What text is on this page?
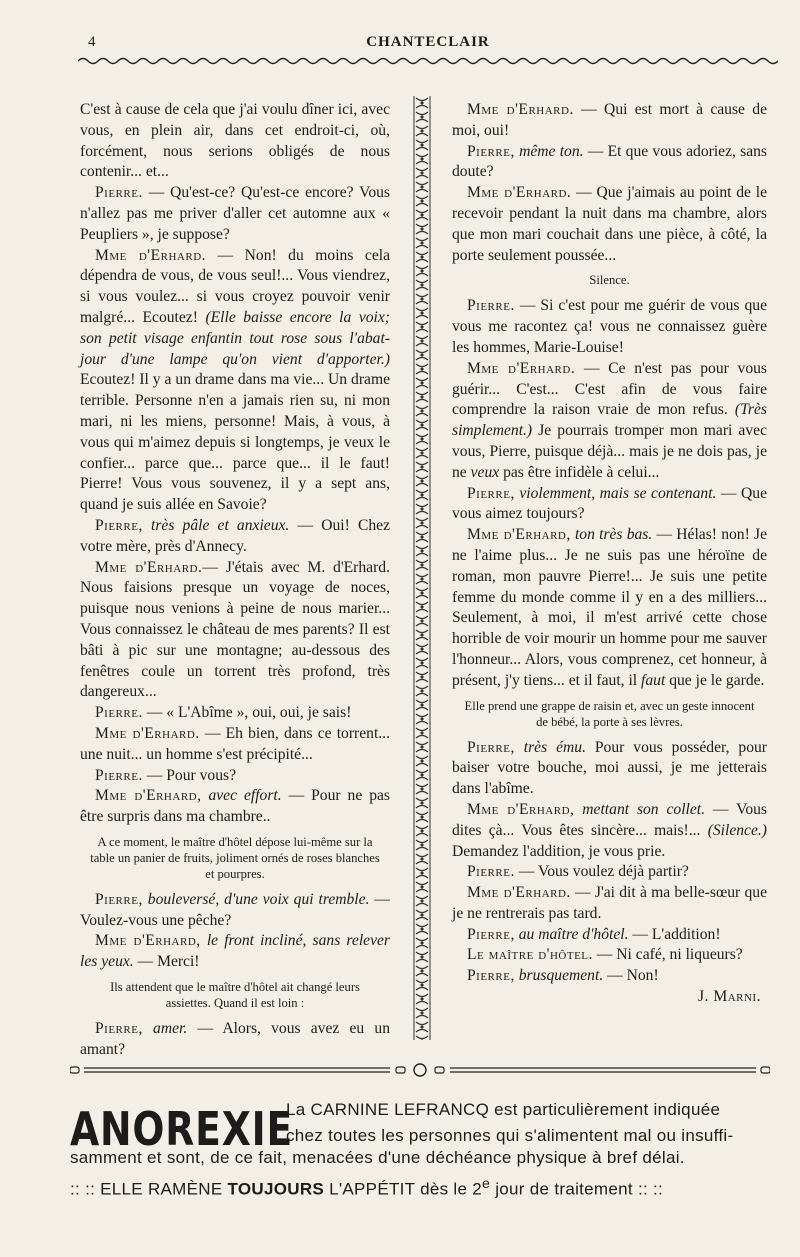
4	CHANTECLAIR

C'est à cause de cela que j'ai voulu dîner ici, avec vous, en plein air, dans cet endroit-ci, où, forcément, nous serions obligés de nous contenir... et...

Pierre. — Qu'est-ce? Qu'est-ce encore? Vous n'allez pas me priver d'aller cet automne aux « Peupliers », je suppose?

Mme d'Erhard. — Non! du moins cela dépendra de vous, de vous seul!... Vous viendrez, si vous voulez... si vous croyez pouvoir venir malgré... Ecoutez! (Elle baisse encore la voix; son petit visage enfantin tout rose sous l'abat-jour d'une lampe qu'on vient d'apporter.) Ecoutez! Il y a un drame dans ma vie... Un drame terrible. Personne n'en a jamais rien su, ni mon mari, ni les miens, personne! Mais, à vous, à vous qui m'aimez depuis si longtemps, je veux le confier... parce que... parce que... il le faut! Pierre! Vous vous souvenez, il y a sept ans, quand je suis allée en Savoie?

Pierre, très pâle et anxieux. — Oui! Chez votre mère, près d'Annecy.

Mme d'Erhard.— J'étais avec M. d'Erhard. Nous faisions presque un voyage de noces, puisque nous venions à peine de nous marier... Vous connaissez le château de mes parents? Il est bâti à pic sur une montagne; au-dessous des fenêtres coule un torrent très profond, très dangereux...

Pierre. — « L'Abîme », oui, oui, je sais!

Mme d'Erhard. — Eh bien, dans ce torrent... une nuit... un homme s'est précipité...

Pierre. — Pour vous?

Mme d'Erhard, avec effort. — Pour ne pas être surpris dans ma chambre..

A ce moment, le maître d'hôtel dépose lui-même sur la table un panier de fruits, joliment ornés de roses blanches et pourpres.

Pierre, bouleversé, d'une voix qui tremble. — Voulez-vous une pêche?

Mme d'Erhard, le front incliné, sans relever les yeux. — Merci!

Ils attendent que le maître d'hôtel ait changé leurs assiettes. Quand il est loin :

Pierre, amer. — Alors, vous avez eu un amant?

Mme d'Erhard. — Qui est mort à cause de moi, oui!

Pierre, même ton. — Et que vous adoriez, sans doute?

Mme d'Erhard. — Que j'aimais au point de le recevoir pendant la nuit dans ma chambre, alors que mon mari couchait dans une pièce, à côté, la porte seulement poussée...

Silence.

Pierre. — Si c'est pour me guérir de vous que vous me racontez ça! vous ne connaissez guère les hommes, Marie-Louise!

Mme d'Erhard. — Ce n'est pas pour vous guérir... C'est... C'est afin de vous faire comprendre la raison vraie de mon refus. (Très simplement.) Je pourrais tromper mon mari avec vous, Pierre, puisque déjà... mais je ne dois pas, je ne veux pas être infidèle à celui...

Pierre, violemment, mais se contenant. — Que vous aimez toujours?

Mme d'Erhard, ton très bas. — Hélas! non! Je ne l'aime plus... Je ne suis pas une héroïne de roman, mon pauvre Pierre!... Je suis une petite femme du monde comme il y en a des milliers... Seulement, à moi, il m'est arrivé cette chose horrible de voir mourir un homme pour me sauver l'honneur... Alors, vous comprenez, cet honneur, à présent, j'y tiens... et il faut, il faut que je le garde.

Elle prend une grappe de raisin et, avec un geste innocent de bébé, la porte à ses lèvres.

Pierre, très ému. Pour vous posséder, pour baiser votre bouche, moi aussi, je me jetterais dans l'abîme.

Mme d'Erhard, mettant son collet. — Vous dites çà... Vous êtes sincère... mais!... (Silence.) Demandez l'addition, je vous prie.

Pierre. — Vous voulez déjà partir?

Mme d'Erhard. — J'ai dit à ma belle-sœur que je ne rentrerais pas tard.

Pierre, au maître d'hôtel. — L'addition!

Le maître d'hôtel. — Ni café, ni liqueurs?

Pierre, brusquement. — Non!

J. Marni.

ANOREXIE
La CARNINE LEFRANCQ est particulièrement indiquée
chez toutes les personnes qui s'alimentent mal ou insuffi-
samment et sont, de ce fait, menacées d'une déchéance physique à bref délai.
:: :: ELLE RAMÈNE TOUJOURS L'APPÉTIT dès le 2e jour de traitement :: ::
